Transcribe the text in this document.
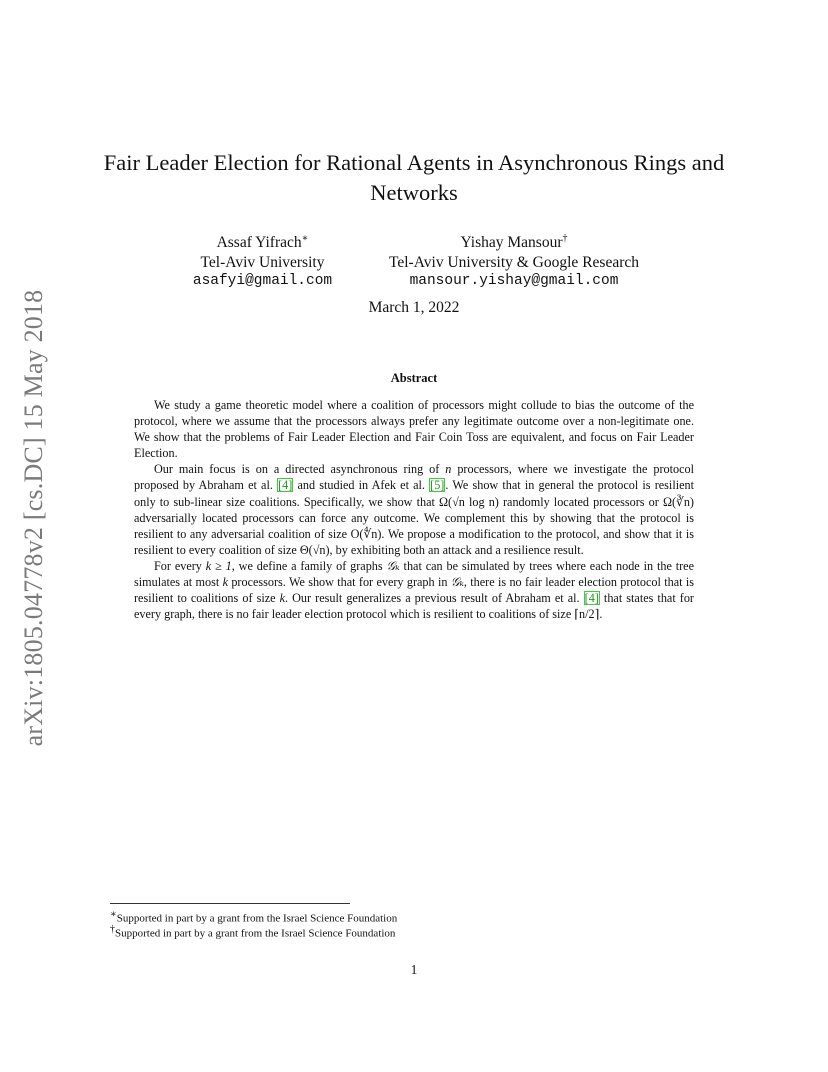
arXiv:1805.04778v2 [cs.DC] 15 May 2018
Fair Leader Election for Rational Agents in Asynchronous Rings and Networks
Assaf Yifrach∗
Tel-Aviv University
asafyi@gmail.com
Yishay Mansour†
Tel-Aviv University & Google Research
mansour.yishay@gmail.com
March 1, 2022
Abstract

We study a game theoretic model where a coalition of processors might collude to bias the outcome of the protocol, where we assume that the processors always prefer any legitimate outcome over a non-legitimate one. We show that the problems of Fair Leader Election and Fair Coin Toss are equivalent, and focus on Fair Leader Election.

Our main focus is on a directed asynchronous ring of n processors, where we investigate the protocol proposed by Abraham et al. [4] and studied in Afek et al. [5]. We show that in general the protocol is resilient only to sub-linear size coalitions. Specifically, we show that Ω(√n log n) randomly located processors or Ω(∛n) adversarially located processors can force any outcome. We complement this by showing that the protocol is resilient to any adversarial coalition of size O(∜n). We propose a modification to the protocol, and show that it is resilient to every coalition of size Θ(√n), by exhibiting both an attack and a resilience result.

For every k ≥ 1, we define a family of graphs 𝒢ₖ that can be simulated by trees where each node in the tree simulates at most k processors. We show that for every graph in 𝒢ₖ, there is no fair leader election protocol that is resilient to coalitions of size k. Our result generalizes a previous result of Abraham et al. [4] that states that for every graph, there is no fair leader election protocol which is resilient to coalitions of size ⌈n/2⌉.

∗Supported in part by a grant from the Israel Science Foundation
†Supported in part by a grant from the Israel Science Foundation
1
